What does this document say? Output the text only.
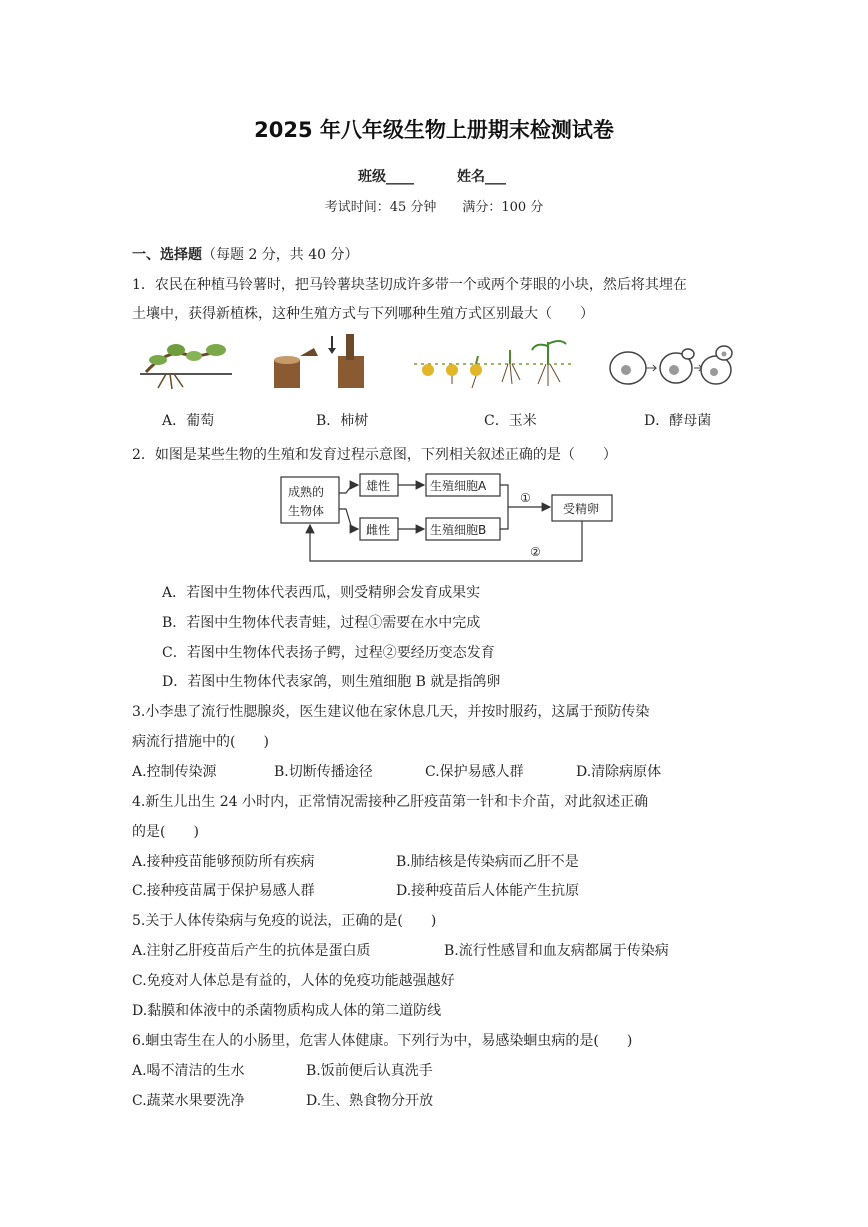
2025 年八年级生物上册期末检测试卷
班级____	姓名___
考试时间：45 分钟　　满分：100 分
一、选择题（每题 2 分，共 40 分）
1．农民在种植马铃薯时，把马铃薯块茎切成许多带一个或两个芽眼的小块，然后将其埋在
土壤中，获得新植株，这种生殖方式与下列哪种生殖方式区别最大（　　）
A．葡萄	B．柿树	C．玉米	D．酵母菌
2．如图是某些生物的生殖和发育过程示意图，下列相关叙述正确的是（　　）
成熟的
生物体
雄性
雌性
生殖细胞A
生殖细胞B
①
受精卵
②
A．若图中生物体代表西瓜，则受精卵会发育成果实
B．若图中生物体代表青蛙，过程①需要在水中完成
C．若图中生物体代表扬子鳄，过程②要经历变态发育
D．若图中生物体代表家鸽，则生殖细胞 B 就是指鸽卵
3.小李患了流行性腮腺炎，医生建议他在家休息几天，并按时服药，这属于预防传染
病流行措施中的(　　)
A.控制传染源	B.切断传播途径	C.保护易感人群	D.清除病原体
4.新生儿出生 24 小时内，正常情况需接种乙肝疫苗第一针和卡介苗，对此叙述正确
的是(　　)
A.接种疫苗能够预防所有疾病	B.肺结核是传染病而乙肝不是
C.接种疫苗属于保护易感人群	D.接种疫苗后人体能产生抗原
5.关于人体传染病与免疫的说法，正确的是(　　)
A.注射乙肝疫苗后产生的抗体是蛋白质	B.流行性感冒和血友病都属于传染病
C.免疫对人体总是有益的，人体的免疫功能越强越好
D.黏膜和体液中的杀菌物质构成人体的第二道防线
6.蛔虫寄生在人的小肠里，危害人体健康。下列行为中，易感染蛔虫病的是(　　)
A.喝不清洁的生水	B.饭前便后认真洗手
C.蔬菜水果要洗净	D.生、熟食物分开放
